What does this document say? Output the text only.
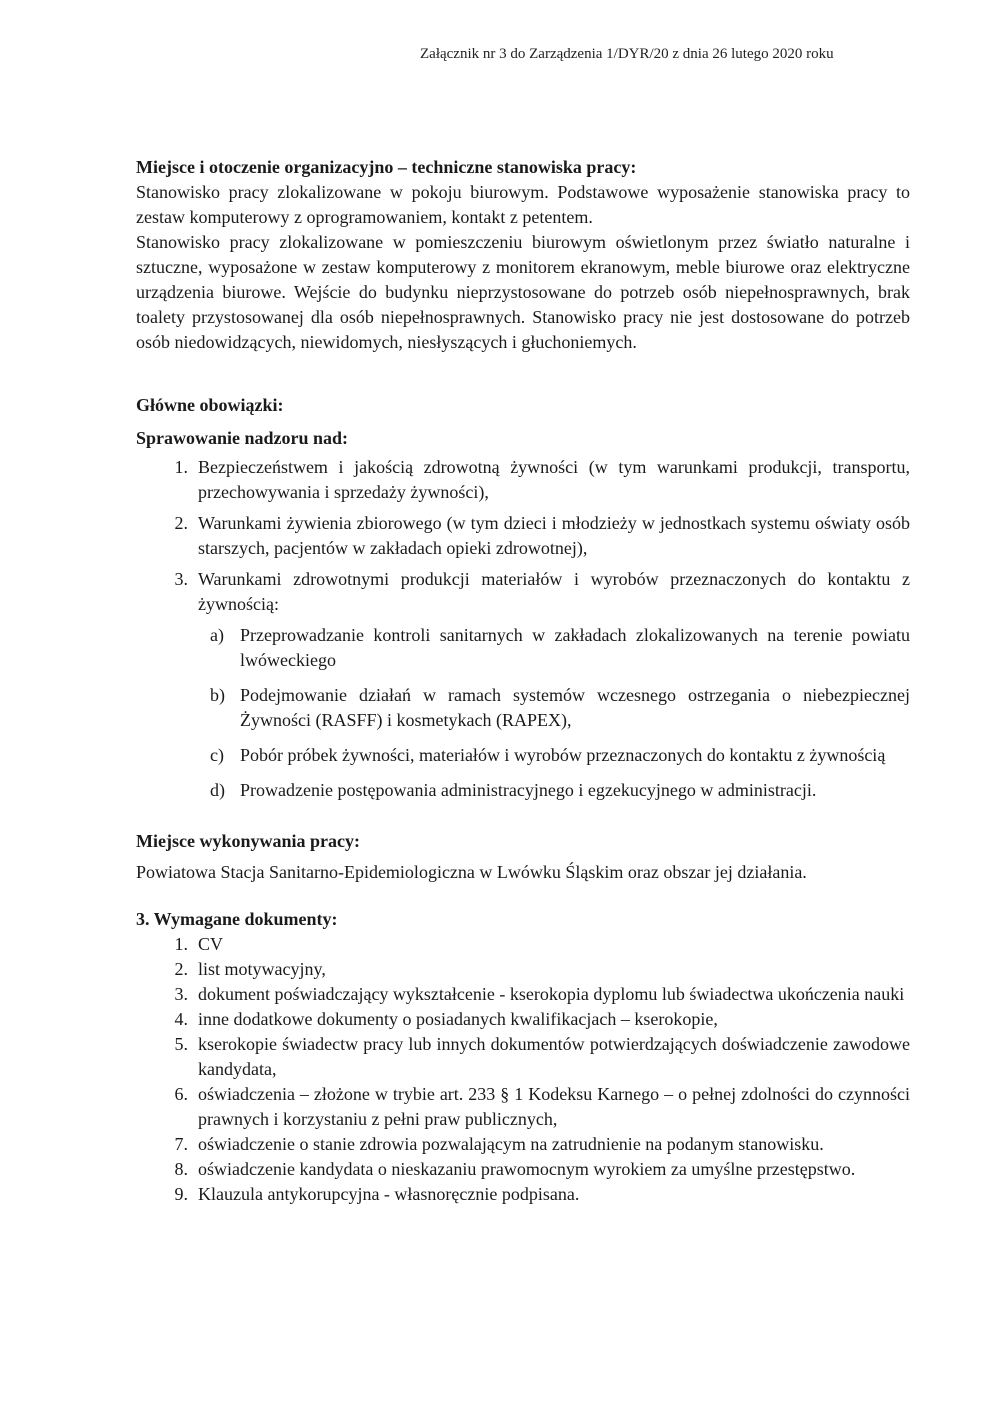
Załącznik nr 3 do Zarządzenia 1/DYR/20 z dnia 26 lutego 2020 roku

Miejsce i otoczenie organizacyjno – techniczne stanowiska pracy:

Stanowisko pracy zlokalizowane w pokoju biurowym. Podstawowe wyposażenie stanowiska pracy to zestaw komputerowy z oprogramowaniem, kontakt z petentem.

Stanowisko pracy zlokalizowane w pomieszczeniu biurowym oświetlonym przez światło naturalne i sztuczne, wyposażone w zestaw komputerowy z monitorem ekranowym, meble biurowe oraz elektryczne urządzenia biurowe. Wejście do budynku nieprzystosowane do potrzeb osób niepełnosprawnych, brak toalety przystosowanej dla osób niepełnosprawnych. Stanowisko pracy nie jest dostosowane do potrzeb osób niedowidzących, niewidomych, niesłyszących i głuchoniemych.

Główne obowiązki:

Sprawowanie nadzoru nad:

1. Bezpieczeństwem i jakością zdrowotną żywności (w tym warunkami produkcji, transportu, przechowywania i sprzedaży żywności),
2. Warunkami żywienia zbiorowego (w tym dzieci i młodzieży w jednostkach systemu oświaty osób starszych, pacjentów w zakładach opieki zdrowotnej),
3. Warunkami zdrowotnymi produkcji materiałów i wyrobów przeznaczonych do kontaktu z żywnością:
a) Przeprowadzanie kontroli sanitarnych w zakładach zlokalizowanych na terenie powiatu lwóweckiego
b) Podejmowanie działań w ramach systemów wczesnego ostrzegania o niebezpiecznej Żywności (RASFF) i kosmetykach (RAPEX),
c) Pobór próbek żywności, materiałów i wyrobów przeznaczonych do kontaktu z żywnością
d) Prowadzenie postępowania administracyjnego i egzekucyjnego w administracji.

Miejsce wykonywania pracy:

Powiatowa Stacja Sanitarno-Epidemiologiczna w Lwówku Śląskim oraz obszar jej działania.

3. Wymagane dokumenty:

1. CV
2. list motywacyjny,
3. dokument poświadczający wykształcenie - kserokopia dyplomu lub świadectwa ukończenia nauki
4. inne dodatkowe dokumenty o posiadanych kwalifikacjach – kserokopie,
5. kserokopie świadectw pracy lub innych dokumentów potwierdzających doświadczenie zawodowe kandydata,
6. oświadczenia – złożone w trybie art. 233 § 1 Kodeksu Karnego – o pełnej zdolności do czynności prawnych i korzystaniu z pełni praw publicznych,
7. oświadczenie o stanie zdrowia pozwalającym na zatrudnienie na podanym stanowisku.
8. oświadczenie kandydata o nieskazaniu prawomocnym wyrokiem za umyślne przestępstwo.
9. Klauzula antykorupcyjna - własnoręcznie podpisana.
